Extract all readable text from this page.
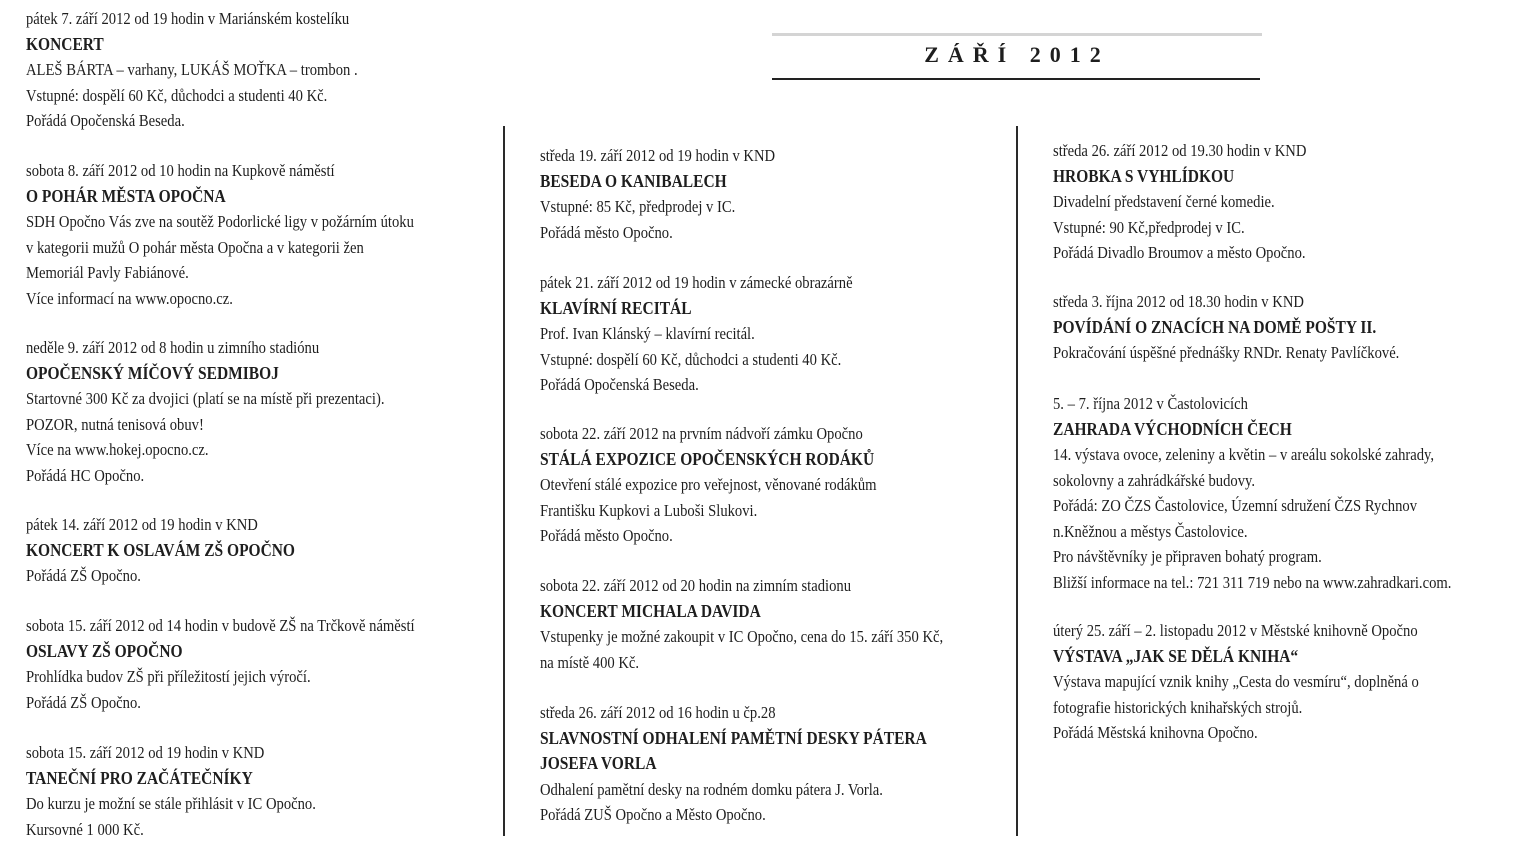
ZÁŘÍ 2012
pátek 7. září 2012 od 19 hodin v Mariánském kostelíku
KONCERT
ALEŠ BÁRTA – varhany, LUKÁŠ MOŤKA – trombon .
Vstupné: dospělí 60 Kč, důchodci a studenti 40 Kč.
Pořádá Opočenská Beseda.
sobota 8. září 2012 od 10 hodin na Kupkově náměstí
O POHÁR MĚSTA OPOČNA
SDH Opočno Vás zve na soutěž Podorlické ligy v požárním útoku
v kategorii mužů O pohár města Opočna a v kategorii žen
Memoriál Pavly Fabiánové.
Více informací na www.opocno.cz.
neděle 9. září 2012 od 8 hodin u zimního stadiónu
OPOČENSKÝ MÍČOVÝ SEDMIBOJ
Startovné 300 Kč za dvojici (platí se na místě při prezentaci).
POZOR, nutná tenisová obuv!
Více na www.hokej.opocno.cz.
Pořádá HC Opočno.
pátek 14. září 2012 od 19 hodin v KND
KONCERT K OSLAVÁM ZŠ OPOČNO
Pořádá ZŠ Opočno.
sobota 15. září 2012 od 14 hodin v budově ZŠ na Trčkově náměstí
OSLAVY ZŠ OPOČNO
Prohlídka budov ZŠ při příležitostí jejich výročí.
Pořádá ZŠ Opočno.
sobota 15. září 2012 od 19 hodin v KND
TANEČNÍ PRO ZAČÁTEČNÍKY
Do kurzu je možní se stále přihlásit v IC Opočno.
Kursovné 1 000 Kč.
středa 19. září 2012 od 19 hodin v KND
BESEDA O KANIBALECH
Vstupné: 85 Kč, předprodej v IC.
Pořádá město Opočno.
pátek 21. září 2012 od 19 hodin v zámecké obrazárně
KLAVÍRNÍ RECITÁL
Prof. Ivan Klánský – klavírní recitál.
Vstupné: dospělí 60 Kč, důchodci a studenti 40 Kč.
Pořádá Opočenská Beseda.
sobota 22. září 2012 na prvním nádvoří zámku Opočno
STÁLÁ EXPOZICE OPOČENSKÝCH RODÁKŮ
Otevření stálé expozice pro veřejnost, věnované rodákům
Františku Kupkovi a Luboši Slukovi.
Pořádá město Opočno.
sobota 22. září 2012 od 20 hodin na zimním stadionu
KONCERT MICHALA DAVIDA
Vstupenky je možné zakoupit v IC Opočno, cena do 15. září 350 Kč,
na místě 400 Kč.
středa 26. září 2012 od 16 hodin u čp.28
SLAVNOSTNÍ ODHALENÍ PAMĚTNÍ DESKY PÁTERA
JOSEFA VORLA
Odhalení pamětní desky na rodném domku pátera J. Vorla.
Pořádá ZUŠ Opočno a Město Opočno.
středa 26. září 2012 od 19.30 hodin v KND
HROBKA S VYHLÍDKOU
Divadelní představení černé komedie.
Vstupné: 90 Kč,předprodej v IC.
Pořádá Divadlo Broumov a město Opočno.
středa 3. října 2012 od 18.30 hodin v KND
POVÍDÁNÍ O ZNACÍCH NA DOMĚ POŠTY II.
Pokračování úspěšné přednášky RNDr. Renaty Pavlíčkové.
5. – 7. října 2012 v Častolovicích
ZAHRADA VÝCHODNÍCH ČECH
14. výstava ovoce, zeleniny a květin – v areálu sokolské zahrady,
sokolovny a zahrádkářské budovy.
Pořádá: ZO ČZS Častolovice, Územní sdružení ČZS Rychnov
n.Kněžnou a městys Častolovice.
Pro návštěvníky je připraven bohatý program.
Bližší informace na tel.: 721 311 719 nebo na www.zahradkari.com.
úterý 25. září – 2. listopadu 2012 v Městské knihovně Opočno
VÝSTAVA „JAK SE DĚLÁ KNIHA“
Výstava mapující vznik knihy „Cesta do vesmíru“, doplněná o
fotografie historických knihařských strojů.
Pořádá Městská knihovna Opočno.
